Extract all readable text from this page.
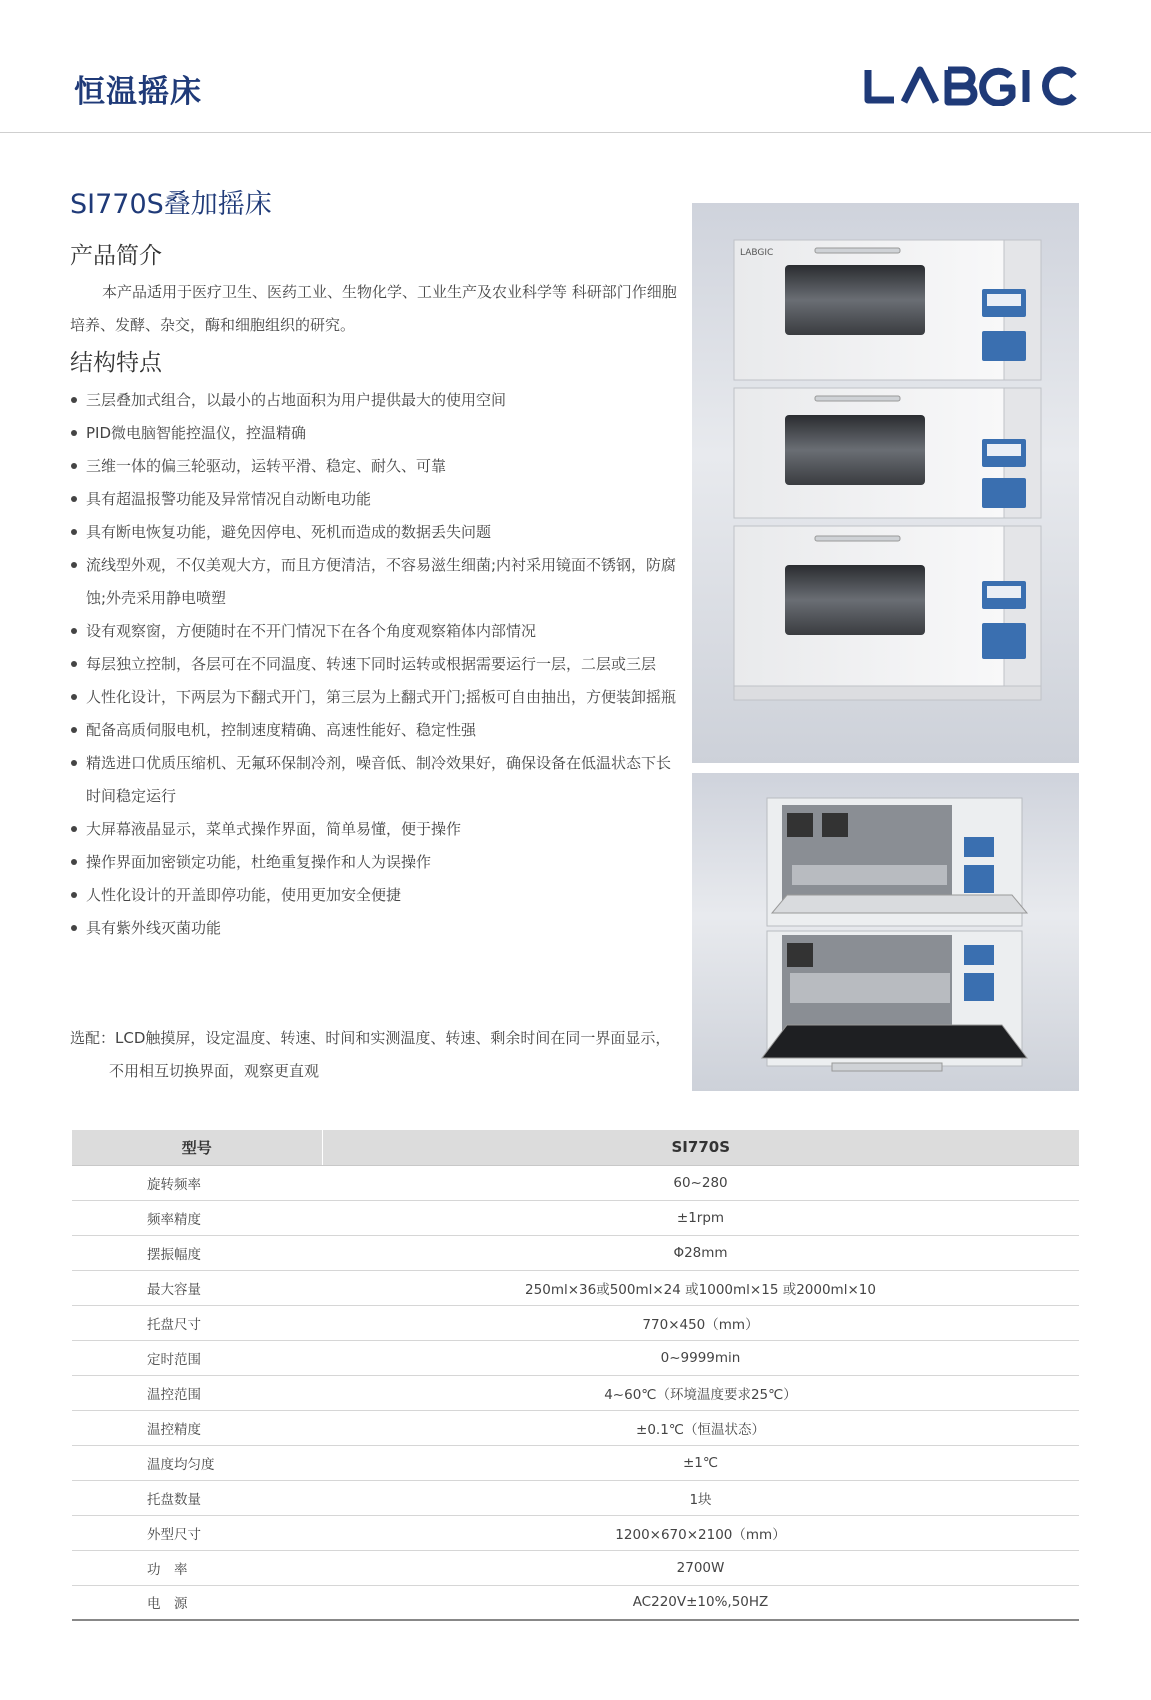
恒温摇床
SI770S叠加摇床
产品简介
本产品适用于医疗卫生、医药工业、生物化学、工业生产及农业科学等 科研部门作细胞培养、发酵、杂交，酶和细胞组织的研究。
结构特点
三层叠加式组合，以最小的占地面积为用户提供最大的使用空间
PID微电脑智能控温仪，控温精确
三维一体的偏三轮驱动，运转平滑、稳定、耐久、可靠
具有超温报警功能及异常情况自动断电功能
具有断电恢复功能，避免因停电、死机而造成的数据丢失问题
流线型外观，不仅美观大方，而且方便清洁，不容易滋生细菌;内衬采用镜面不锈钢，防腐蚀;外壳采用静电喷塑
设有观察窗，方便随时在不开门情况下在各个角度观察箱体内部情况
每层独立控制，各层可在不同温度、转速下同时运转或根据需要运行一层，二层或三层
人性化设计，下两层为下翻式开门，第三层为上翻式开门;摇板可自由抽出，方便装卸摇瓶
配备高质伺服电机，控制速度精确、高速性能好、稳定性强
精选进口优质压缩机、无氟环保制冷剂，噪音低、制冷效果好，确保设备在低温状态下长时间稳定运行
大屏幕液晶显示，菜单式操作界面，简单易懂，便于操作
操作界面加密锁定功能，杜绝重复操作和人为误操作
人性化设计的开盖即停功能，使用更加安全便捷
具有紫外线灭菌功能
选配：LCD触摸屏，设定温度、转速、时间和实测温度、转速、剩余时间在同一界面显示，
不用相互切换界面，观察更直观
LABGIC
型号	SI770S
旋转频率	60~280
频率精度	±1rpm
摆振幅度	Φ28mm
最大容量	250ml×36或500ml×24 或1000ml×15 或2000ml×10
托盘尺寸	770×450（mm）
定时范围	0~9999min
温控范围	4~60℃（环境温度要求25℃）
温控精度	±0.1℃（恒温状态）
温度均匀度	±1℃
托盘数量	1块
外型尺寸	1200×670×2100（mm）
功　率	2700W
电　源	AC220V±10%,50HZ
